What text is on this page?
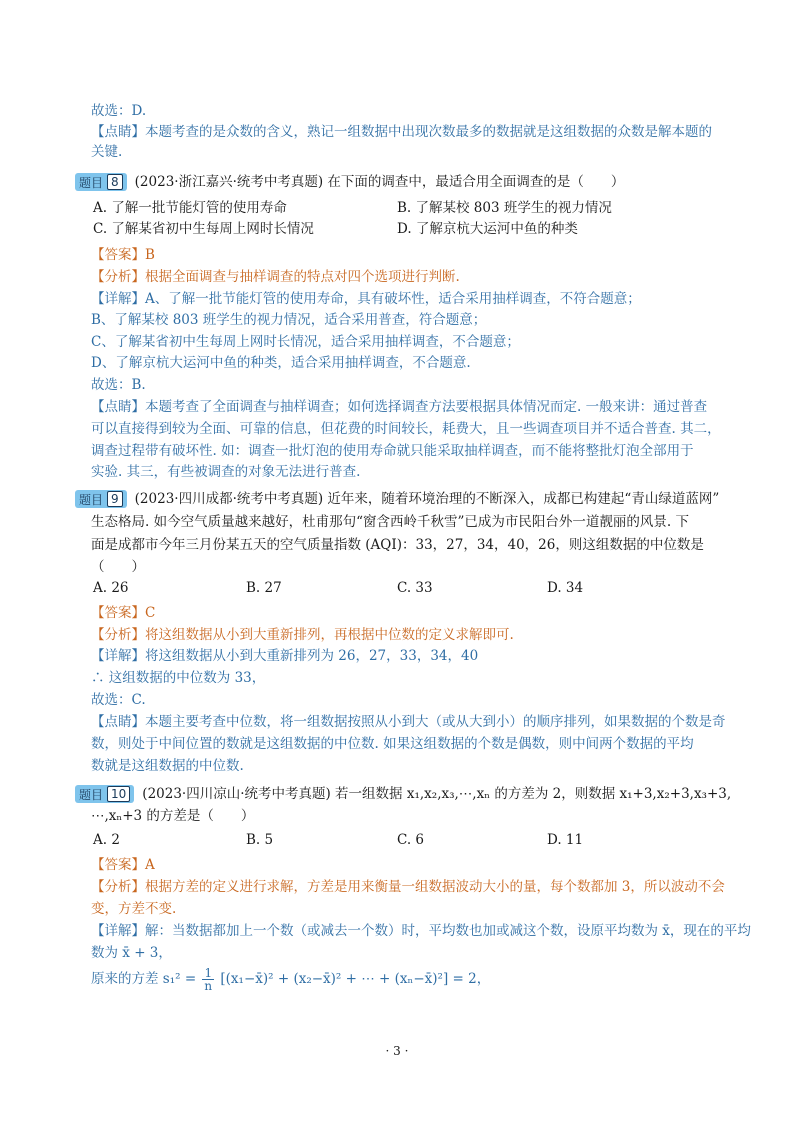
故选：D.
【点睛】本题考查的是众数的含义，熟记一组数据中出现次数最多的数据就是这组数据的众数是解本题的
关键.
题目 8 (2023·浙江嘉兴·统考中考真题) 在下面的调查中，最适合用全面调查的是（　　）
A. 了解一批节能灯管的使用寿命	B. 了解某校 803 班学生的视力情况
C. 了解某省初中生每周上网时长情况	D. 了解京杭大运河中鱼的种类
【答案】B
【分析】根据全面调查与抽样调查的特点对四个选项进行判断.
【详解】A、了解一批节能灯管的使用寿命，具有破坏性，适合采用抽样调查，不符合题意；
B、了解某校 803 班学生的视力情况，适合采用普查，符合题意；
C、了解某省初中生每周上网时长情况，适合采用抽样调查，不合题意；
D、了解京杭大运河中鱼的种类，适合采用抽样调查，不合题意.
故选：B.
【点睛】本题考查了全面调查与抽样调查；如何选择调查方法要根据具体情况而定. 一般来讲：通过普查
可以直接得到较为全面、可靠的信息，但花费的时间较长，耗费大，且一些调查项目并不适合普查. 其二，
调查过程带有破坏性. 如：调查一批灯泡的使用寿命就只能采取抽样调查，而不能将整批灯泡全部用于
实验. 其三，有些被调查的对象无法进行普查.
题目 9 (2023·四川成都·统考中考真题) 近年来，随着环境治理的不断深入，成都已构建起“青山绿道蓝网”
生态格局. 如今空气质量越来越好，杜甫那句“窗含西岭千秋雪”已成为市民阳台外一道靓丽的风景. 下
面是成都市今年三月份某五天的空气质量指数 (AQI)：33，27，34，40，26，则这组数据的中位数是
（　　）
A. 26	B. 27	C. 33	D. 34
【答案】C
【分析】将这组数据从小到大重新排列，再根据中位数的定义求解即可.
【详解】将这组数据从小到大重新排列为 26，27，33，34，40
∴ 这组数据的中位数为 33，
故选：C.
【点睛】本题主要考查中位数，将一组数据按照从小到大（或从大到小）的顺序排列，如果数据的个数是奇
数，则处于中间位置的数就是这组数据的中位数. 如果这组数据的个数是偶数，则中间两个数据的平均
数就是这组数据的中位数.
题目 10 (2023·四川凉山·统考中考真题) 若一组数据 x₁,x₂,x₃,⋯,xₙ 的方差为 2，则数据 x₁+3,x₂+3,x₃+3,
⋯,xₙ+3 的方差是（　　）
A. 2	B. 5	C. 6	D. 11
【答案】A
【分析】根据方差的定义进行求解，方差是用来衡量一组数据波动大小的量，每个数都加 3，所以波动不会
变，方差不变.
【详解】解：当数据都加上一个数（或减去一个数）时，平均数也加或减这个数，设原平均数为 x̄，现在的平均
数为 x̄ + 3，
原来的方差 $s_1^2 = \frac{1}{n}$ [(x₁−x̄)² + (x₂−x̄)² + ⋯ + (xₙ−x̄)²] = 2，
· 3 ·
